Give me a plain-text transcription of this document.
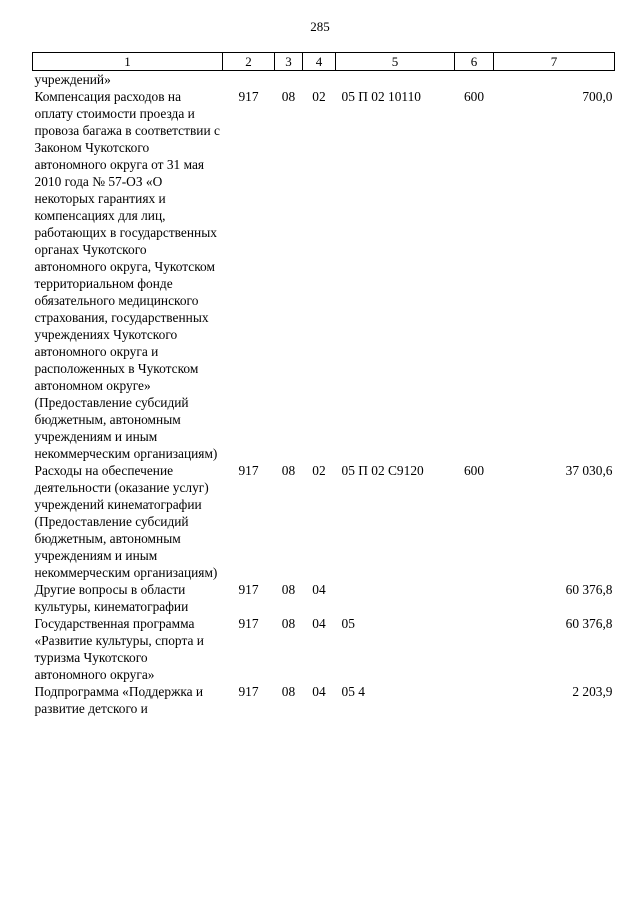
285
1	2	3	4	5	6	7
учреждений»						
Компенсация расходов на оплату стоимости проезда и провоза багажа в соответствии с Законом Чукотского автономного округа от 31 мая 2010 года № 57-ОЗ «О некоторых гарантиях и компенсациях для лиц, работающих в государственных органах Чукотского автономного округа, Чукотском территориальном фонде обязательного медицинского страхования, государственных учреждениях Чукотского автономного округа и расположенных в Чукотском автономном округе» (Предоставление субсидий бюджетным, автономным учреждениям и иным некоммерческим организациям)	917	08	02	05 П 02 10110	600	700,0
Расходы на обеспечение деятельности (оказание услуг) учреждений кинематографии (Предоставление субсидий бюджетным, автономным учреждениям и иным некоммерческим организациям)	917	08	02	05 П 02 С9120	600	37 030,6
Другие вопросы в области культуры, кинематографии	917	08	04			60 376,8
Государственная программа «Развитие культуры, спорта и туризма Чукотского автономного округа»	917	08	04	05		60 376,8
Подпрограмма «Поддержка и развитие детского и	917	08	04	05 4		2 203,9
